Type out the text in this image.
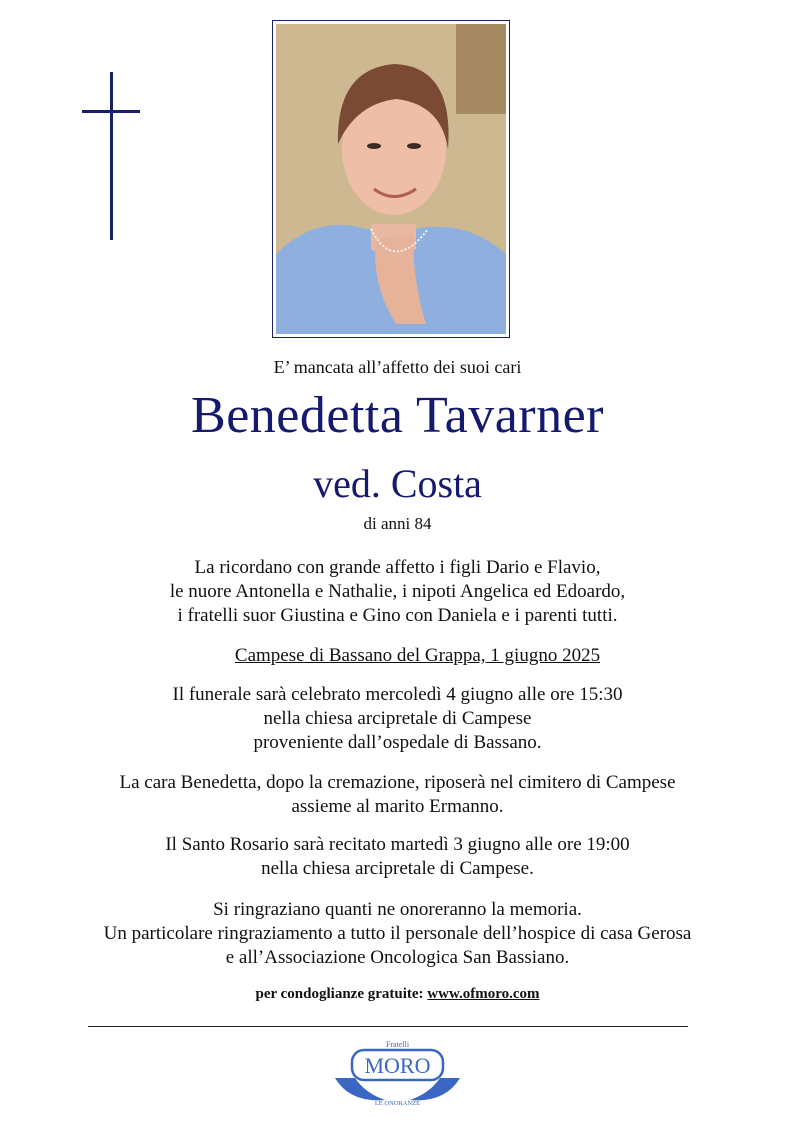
E’ mancata all’affetto dei suoi cari
Benedetta Tavarner
ved. Costa
di anni 84
La ricordano con grande affetto i figli Dario e Flavio,
le nuore Antonella e Nathalie, i nipoti Angelica ed Edoardo,
i fratelli suor Giustina e Gino con Daniela e i parenti tutti.
Campese di Bassano del Grappa, 1 giugno 2025
Il funerale sarà celebrato mercoledì 4 giugno alle ore 15:30
nella chiesa arcipretale di Campese
proveniente dall’ospedale di Bassano.
La cara Benedetta, dopo la cremazione, riposerà nel cimitero di Campese
assieme al marito Ermanno.
Il Santo Rosario sarà recitato martedì 3 giugno alle ore 19:00
nella chiesa arcipretale di Campese.
Si ringraziano quanti ne onoreranno la memoria.
Un particolare ringraziamento a tutto il personale dell’hospice di casa Gerosa
e all’Associazione Oncologica San Bassiano.
per condoglianze gratuite: www.ofmoro.com
Fratelli
MORO
LE ONORANZE
